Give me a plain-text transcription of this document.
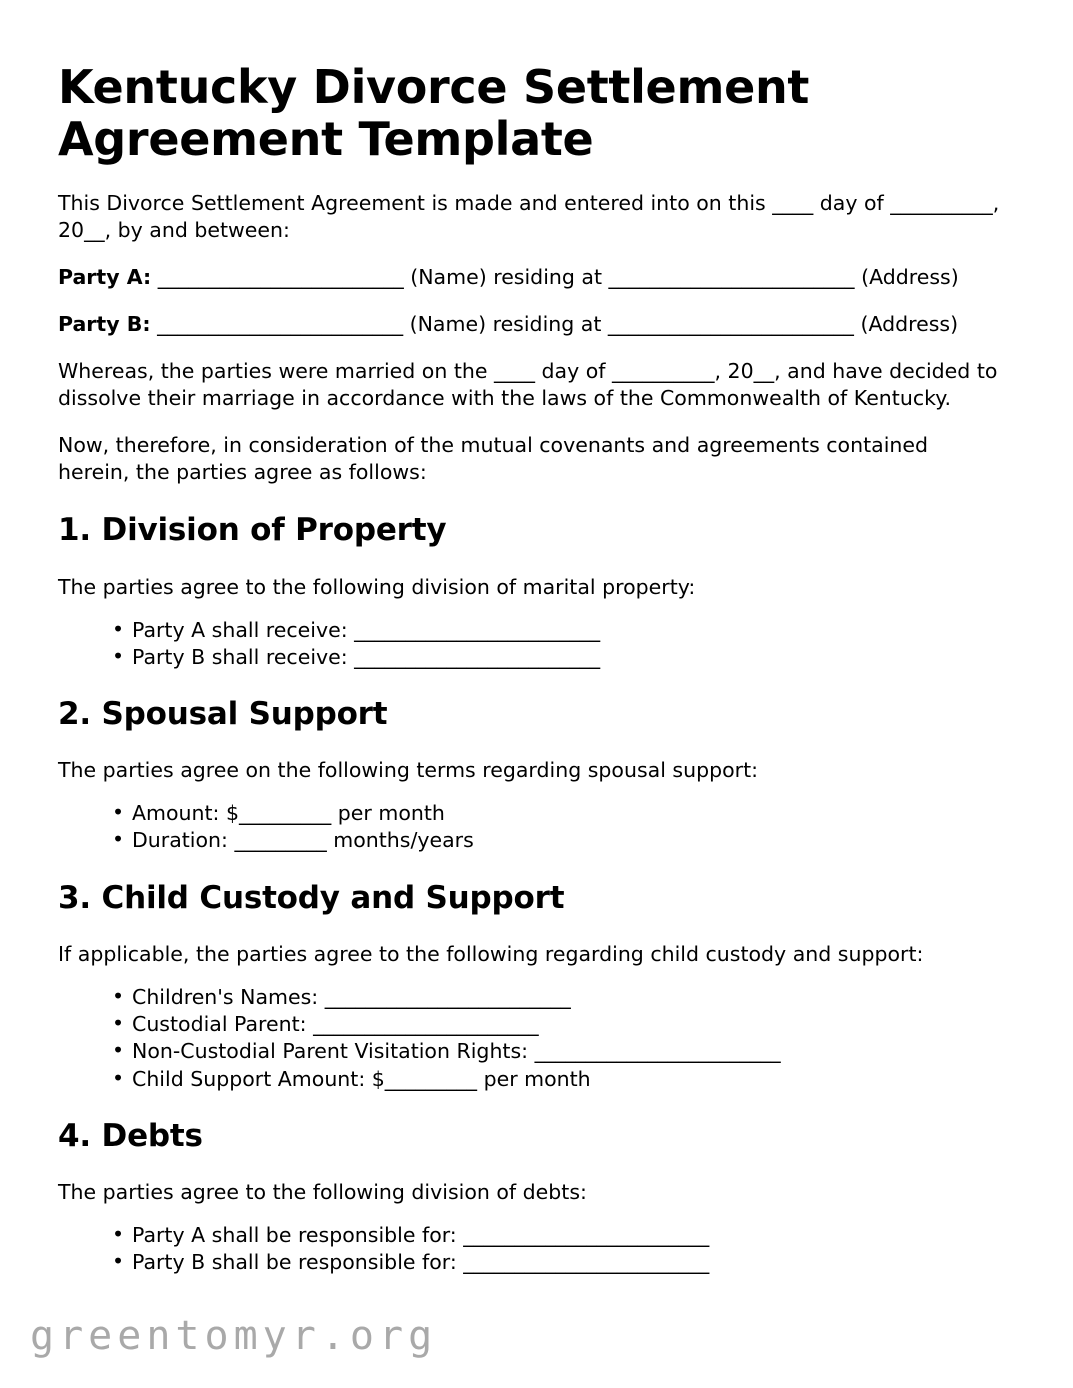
Kentucky Divorce Settlement Agreement Template

This Divorce Settlement Agreement is made and entered into on this ____ day of __________, 20__, by and between:

Party A: ________________________ (Name) residing at ________________________ (Address)

Party B: ________________________ (Name) residing at ________________________ (Address)

Whereas, the parties were married on the ____ day of __________, 20__, and have decided to dissolve their marriage in accordance with the laws of the Commonwealth of Kentucky.

Now, therefore, in consideration of the mutual covenants and agreements contained herein, the parties agree as follows:

1. Division of Property

The parties agree to the following division of marital property:

• Party A shall receive: ________________________
• Party B shall receive: ________________________
2. Spousal Support

The parties agree on the following terms regarding spousal support:

• Amount: $_________ per month
• Duration: _________ months/years
3. Child Custody and Support

If applicable, the parties agree to the following regarding child custody and support:

• Children's Names: ________________________
• Custodial Parent: ______________________
• Non-Custodial Parent Visitation Rights: ________________________
• Child Support Amount: $_________ per month
4. Debts

The parties agree to the following division of debts:

• Party A shall be responsible for: ________________________
• Party B shall be responsible for: ________________________
greentomyr.org
